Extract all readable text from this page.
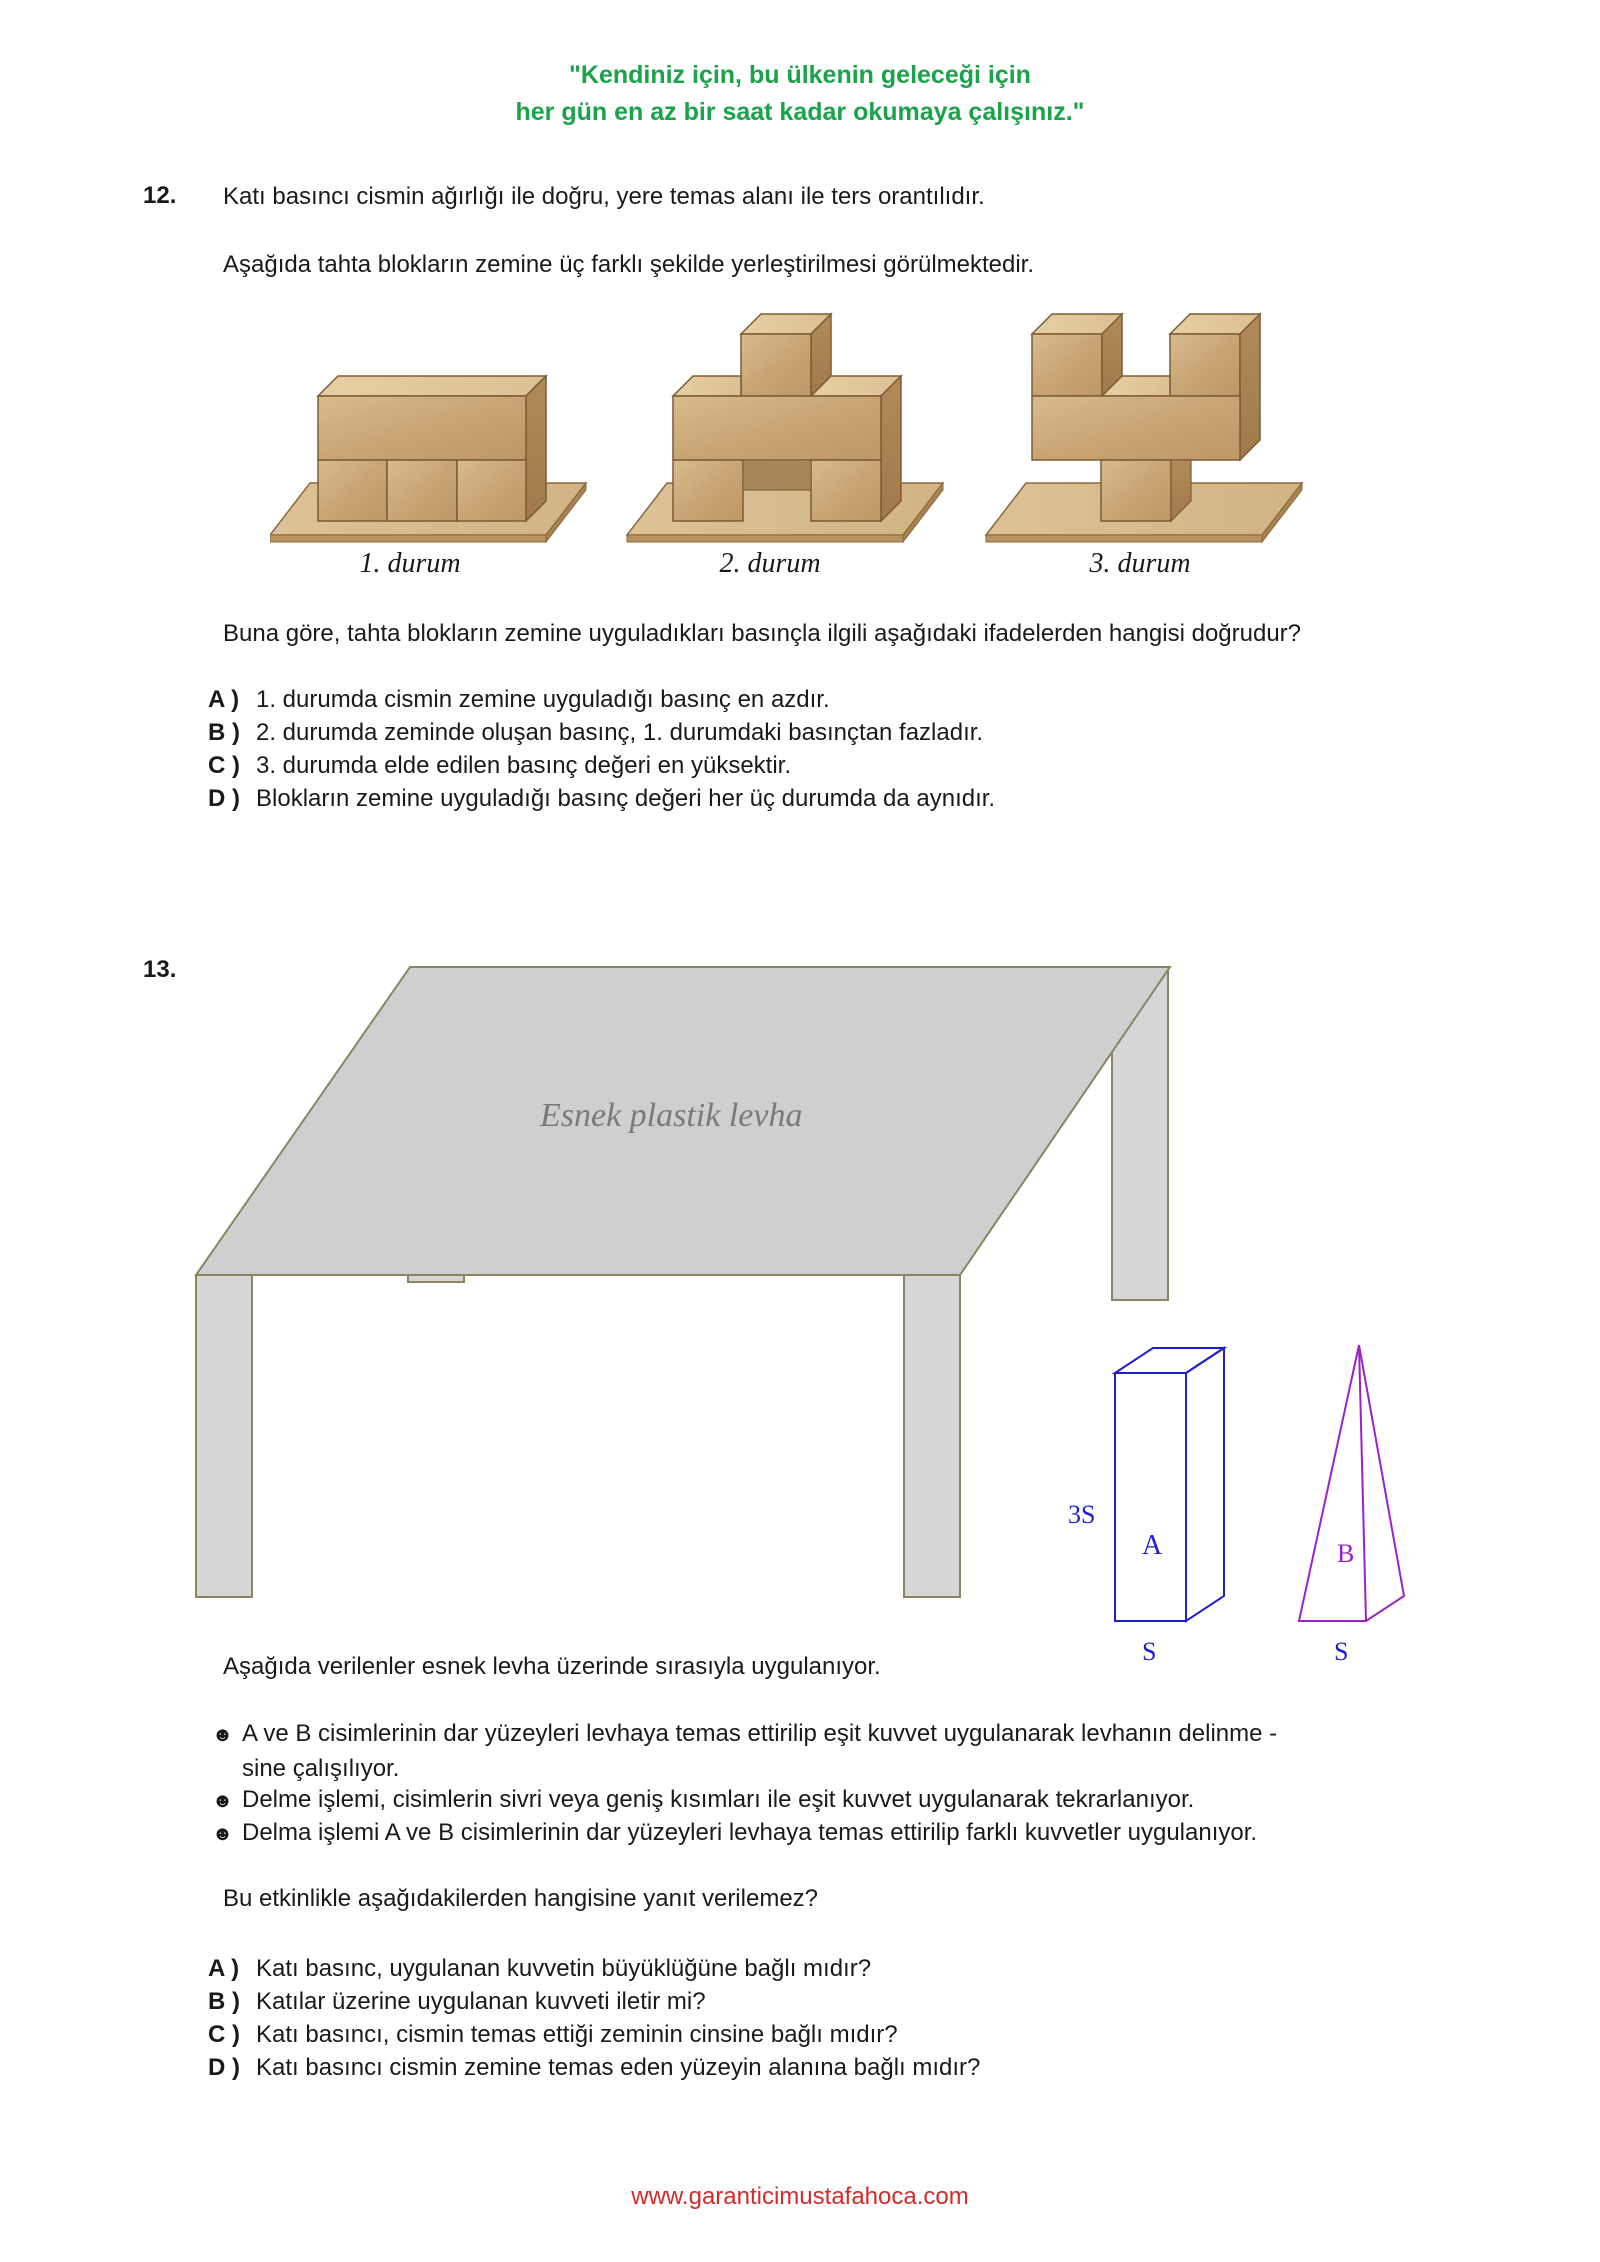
"Kendiniz için, bu ülkenin geleceği için
her gün en az bir saat kadar okumaya çalışınız."
12. Katı basıncı cismin ağırlığı ile doğru, yere temas alanı ile ters orantılıdır.
Aşağıda tahta blokların zemine üç farklı şekilde yerleştirilmesi görülmektedir.
1. durum	2. durum	3. durum
Buna göre, tahta blokların zemine uyguladıkları basınçla ilgili aşağıdaki ifadelerden hangisi doğrudur?
A ) 1. durumda cismin zemine uyguladığı basınç en azdır.
B ) 2. durumda zeminde oluşan basınç, 1. durumdaki basınçtan fazladır.
C ) 3. durumda elde edilen basınç değeri en yüksektir.
D ) Blokların zemine uyguladığı basınç değeri her üç durumda da aynıdır.
13.
Esnek plastik levha
3S
A
S
B
S
Aşağıda verilenler esnek levha üzerinde sırasıyla uygulanıyor.
☻ A ve B cisimlerinin dar yüzeyleri levhaya temas ettirilip eşit kuvvet uygulanarak levhanın delinme -
sine çalışılıyor.
☻ Delme işlemi, cisimlerin sivri veya geniş kısımları ile eşit kuvvet uygulanarak tekrarlanıyor.
☻ Delma işlemi A ve B cisimlerinin dar yüzeyleri levhaya temas ettirilip farklı kuvvetler uygulanıyor.
Bu etkinlikle aşağıdakilerden hangisine yanıt verilemez?
A ) Katı basınc, uygulanan kuvvetin büyüklüğüne bağlı mıdır?
B ) Katılar üzerine uygulanan kuvveti iletir mi?
C ) Katı basıncı, cismin temas ettiği zeminin cinsine bağlı mıdır?
D ) Katı basıncı cismin zemine temas eden yüzeyin alanına bağlı mıdır?
www.garanticimustafahoca.com
